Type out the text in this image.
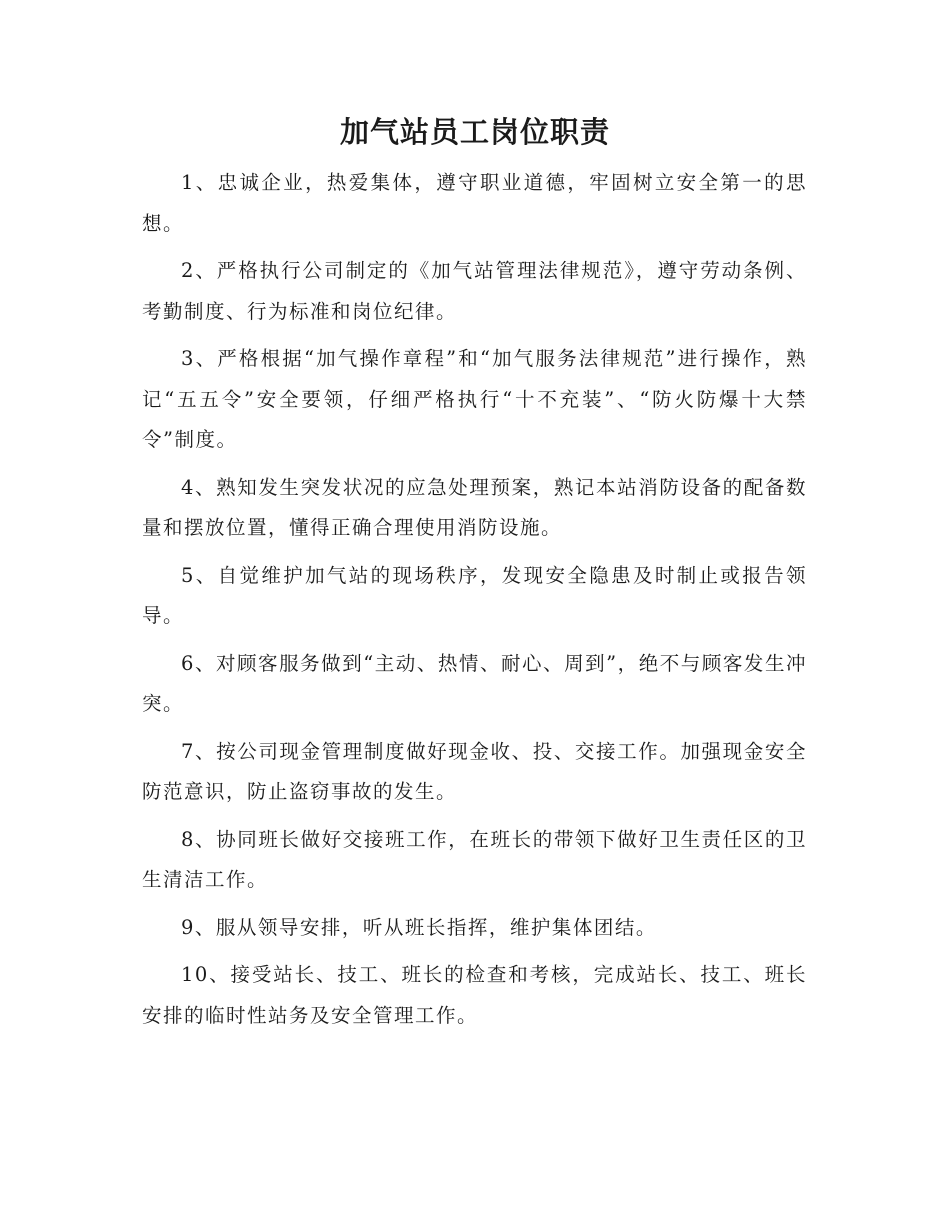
加气站员工岗位职责

1、忠诚企业，热爱集体，遵守职业道德，牢固树立安全第一的思想。

2、严格执行公司制定的《加气站管理法律规范》，遵守劳动条例、考勤制度、行为标准和岗位纪律。

3、严格根据“加气操作章程”和“加气服务法律规范”进行操作，熟记“五五令”安全要领，仔细严格执行“十不充装”、“防火防爆十大禁令”制度。

4、熟知发生突发状况的应急处理预案，熟记本站消防设备的配备数量和摆放位置，懂得正确合理使用消防设施。

5、自觉维护加气站的现场秩序，发现安全隐患及时制止或报告领导。

6、对顾客服务做到“主动、热情、耐心、周到”，绝不与顾客发生冲突。

7、按公司现金管理制度做好现金收、投、交接工作。加强现金安全防范意识，防止盗窃事故的发生。

8、协同班长做好交接班工作，在班长的带领下做好卫生责任区的卫生清洁工作。

9、服从领导安排，听从班长指挥，维护集体团结。

10、接受站长、技工、班长的检查和考核，完成站长、技工、班长安排的临时性站务及安全管理工作。
